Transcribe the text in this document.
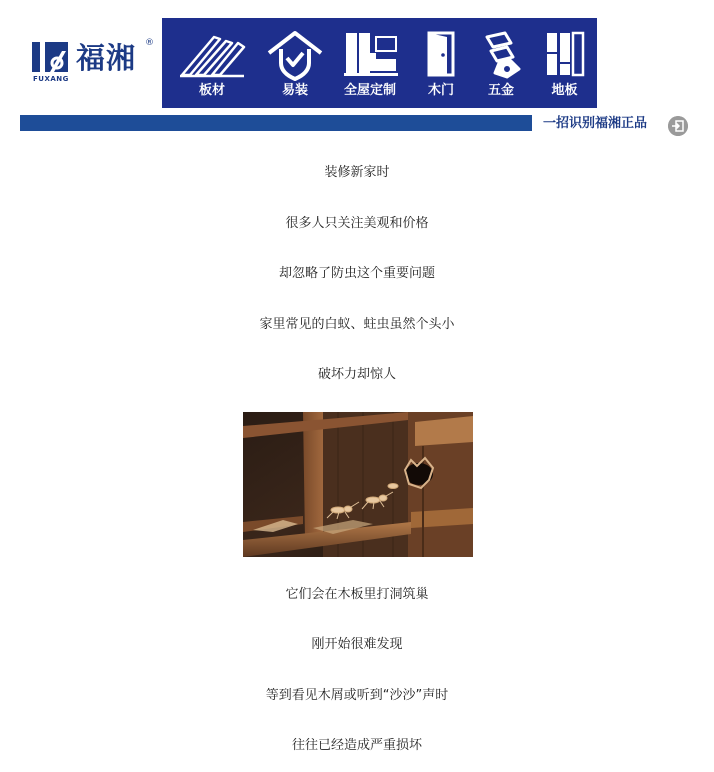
福湘 ®
FUXANG
板材	易装	全屋定制 木门	五金	地板
一招识别福湘正品
装修新家时
很多人只关注美观和价格
却忽略了防虫这个重要问题
家里常见的白蚁、蛀虫虽然个头小
破坏力却惊人
它们会在木板里打洞筑巢
刚开始很难发现
等到看见木屑或听到“沙沙”声时
往往已经造成严重损坏
